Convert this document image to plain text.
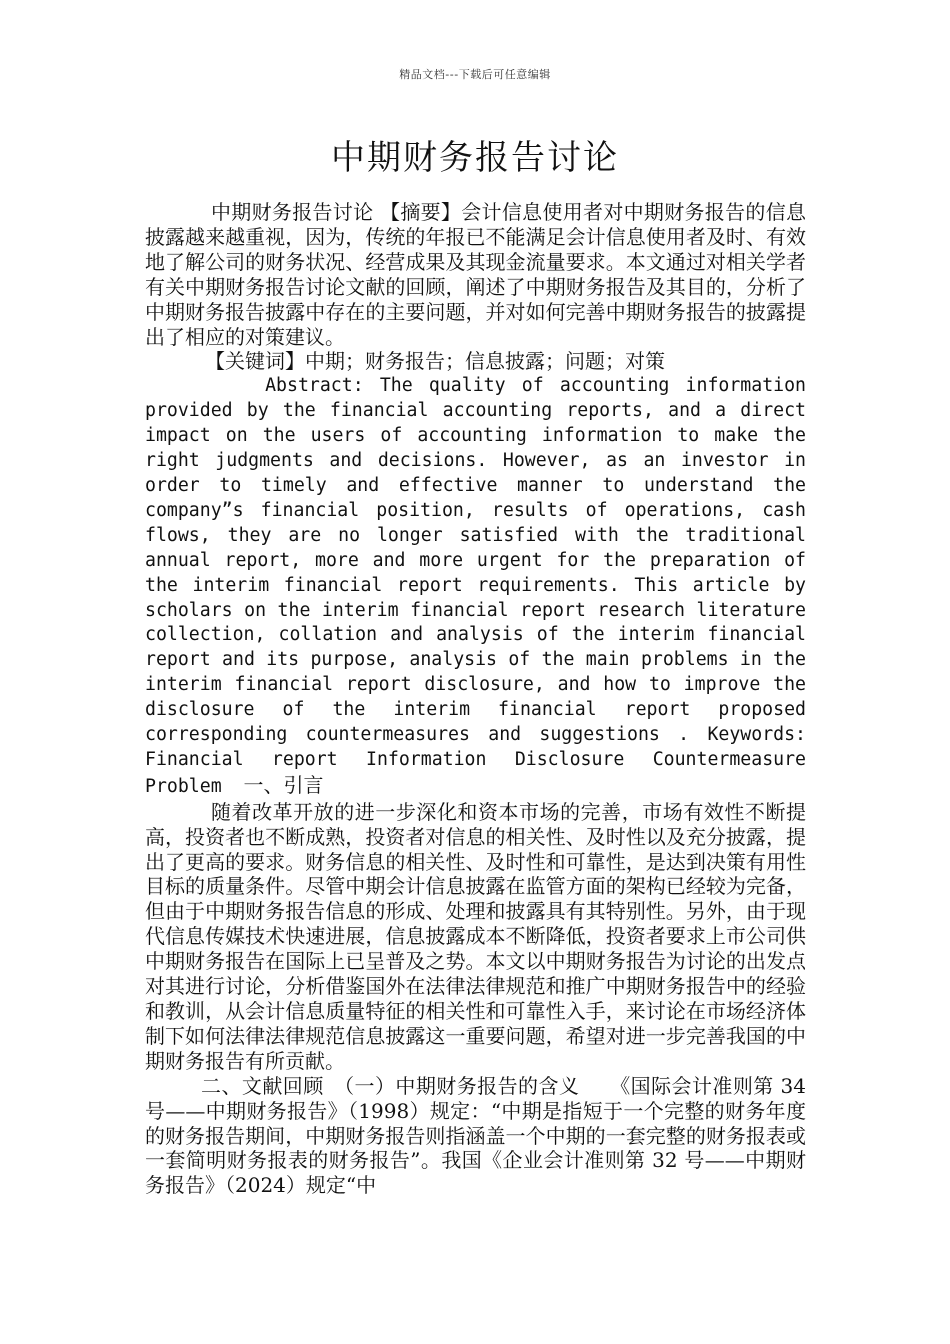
精品文档---下载后可任意编辑
中期财务报告讨论

中期财务报告讨论 【摘要】会计信息使用者对中期财务报告的信息披露越来越重视，因为，传统的年报已不能满足会计信息使用者及时、有效地了解公司的财务状况、经营成果及其现金流量要求。本文通过对相关学者有关中期财务报告讨论文献的回顾，阐述了中期财务报告及其目的，分析了中期财务报告披露中存在的主要问题，并对如何完善中期财务报告的披露提出了相应的对策建议。

【关键词】中期；财务报告；信息披露；问题；对策

Abstract: The quality of accounting information provided by the financial accounting reports, and a direct impact on the users of accounting information to make the right judgments and decisions. However, as an investor in order to timely and effective manner to understand the company”s financial position, results of operations, cash flows, they are no longer satisfied with the traditional annual report, more and more urgent for the preparation of the interim financial report requirements. This article by scholars on the interim financial report research literature collection, collation and analysis of the interim financial report and its purpose, analysis of the main problems in the interim financial report disclosure, and how to improve the disclosure of the interim financial report proposed corresponding countermeasures and suggestions . Keywords: Financial report Information Disclosure Countermeasure Problem 一、引言

随着改革开放的进一步深化和资本市场的完善，市场有效性不断提高，投资者也不断成熟，投资者对信息的相关性、及时性以及充分披露，提出了更高的要求。财务信息的相关性、及时性和可靠性，是达到决策有用性目标的质量条件。尽管中期会计信息披露在监管方面的架构已经较为完备，但由于中期财务报告信息的形成、处理和披露具有其特别性。另外，由于现代信息传媒技术快速进展，信息披露成本不断降低，投资者要求上市公司供中期财务报告在国际上已呈普及之势。本文以中期财务报告为讨论的出发点对其进行讨论，分析借鉴国外在法律法律规范和推广中期财务报告中的经验和教训，从会计信息质量特征的相关性和可靠性入手，来讨论在市场经济体制下如何法律法律规范信息披露这一重要问题，希望对进一步完善我国的中期财务报告有所贡献。

二、文献回顾　（一）中期财务报告的含义　　《国际会计准则第 34 号——中期财务报告》（1998）规定：“中期是指短于一个完整的财务年度的财务报告期间，中期财务报告则指涵盖一个中期的一套完整的财务报表或一套简明财务报表的财务报告”。我国《企业会计准则第 32 号——中期财务报告》（2024）规定“中
